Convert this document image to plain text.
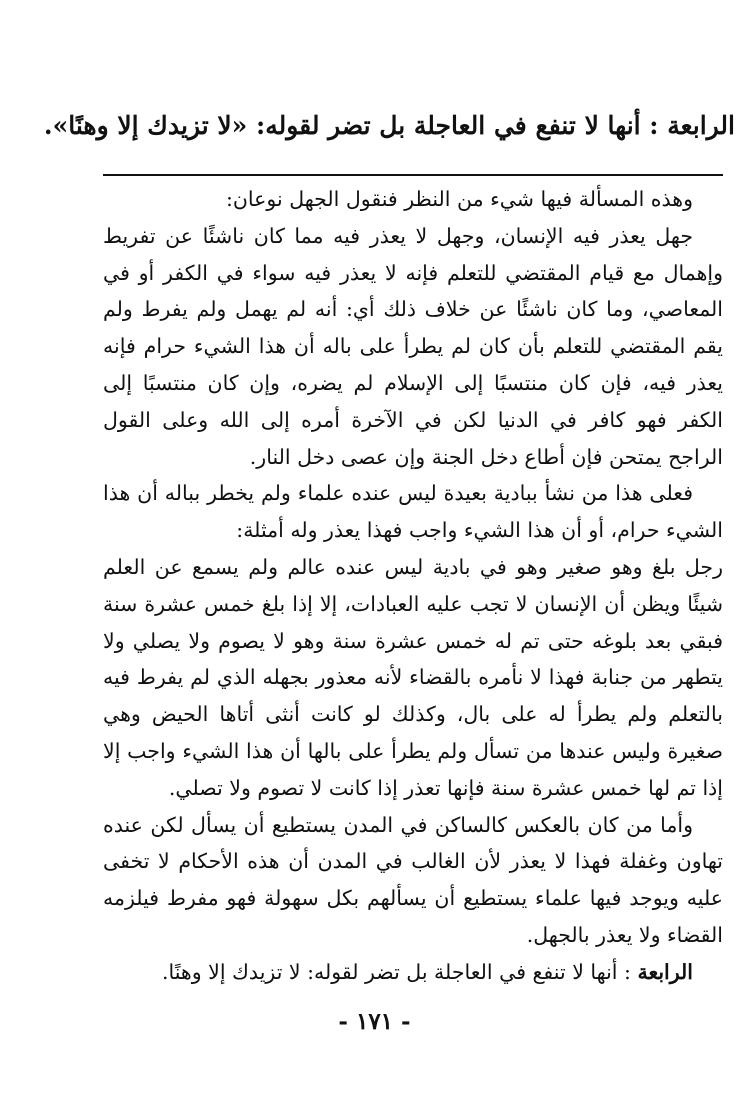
الرابعة : أنها لا تنفع في العاجلة بل تضر لقوله: «لا تزيدك إلا وهنًا».

وهذه المسألة فيها شيء من النظر فنقول الجهل نوعان:

جهل يعذر فيه الإنسان، وجهل لا يعذر فيه مما كان ناشئًا عن تفريط وإهمال مع قيام المقتضي للتعلم فإنه لا يعذر فيه سواء في الكفر أو في المعاصي، وما كان ناشئًا عن خلاف ذلك أي: أنه لم يهمل ولم يفرط ولم يقم المقتضي للتعلم بأن كان لم يطرأ على باله أن هذا الشيء حرام فإنه يعذر فيه، فإن كان منتسبًا إلى الإسلام لم يضره، وإن كان منتسبًا إلى الكفر فهو كافر في الدنيا لكن في الآخرة أمره إلى الله وعلى القول الراجح يمتحن فإن أطاع دخل الجنة وإن عصى دخل النار.

فعلى هذا من نشأ ببادية بعيدة ليس عنده علماء ولم يخطر بباله أن هذا الشيء حرام، أو أن هذا الشيء واجب فهذا يعذر وله أمثلة:

رجل بلغ وهو صغير وهو في بادية ليس عنده عالم ولم يسمع عن العلم شيئًا ويظن أن الإنسان لا تجب عليه العبادات، إلا إذا بلغ خمس عشرة سنة فبقي بعد بلوغه حتى تم له خمس عشرة سنة وهو لا يصوم ولا يصلي ولا يتطهر من جنابة فهذا لا نأمره بالقضاء لأنه معذور بجهله الذي لم يفرط فيه بالتعلم ولم يطرأ له على بال، وكذلك لو كانت أنثى أتاها الحيض وهي صغيرة وليس عندها من تسأل ولم يطرأ على بالها أن هذا الشيء واجب إلا إذا تم لها خمس عشرة سنة فإنها تعذر إذا كانت لا تصوم ولا تصلي.

وأما من كان بالعكس كالساكن في المدن يستطيع أن يسأل لكن عنده تهاون وغفلة فهذا لا يعذر لأن الغالب في المدن أن هذه الأحكام لا تخفى عليه ويوجد فيها علماء يستطيع أن يسألهم بكل سهولة فهو مفرط فيلزمه القضاء ولا يعذر بالجهل.

الرابعة : أنها لا تنفع في العاجلة بل تضر لقوله: لا تزيدك إلا وهنًا.

- ١٧١ -
